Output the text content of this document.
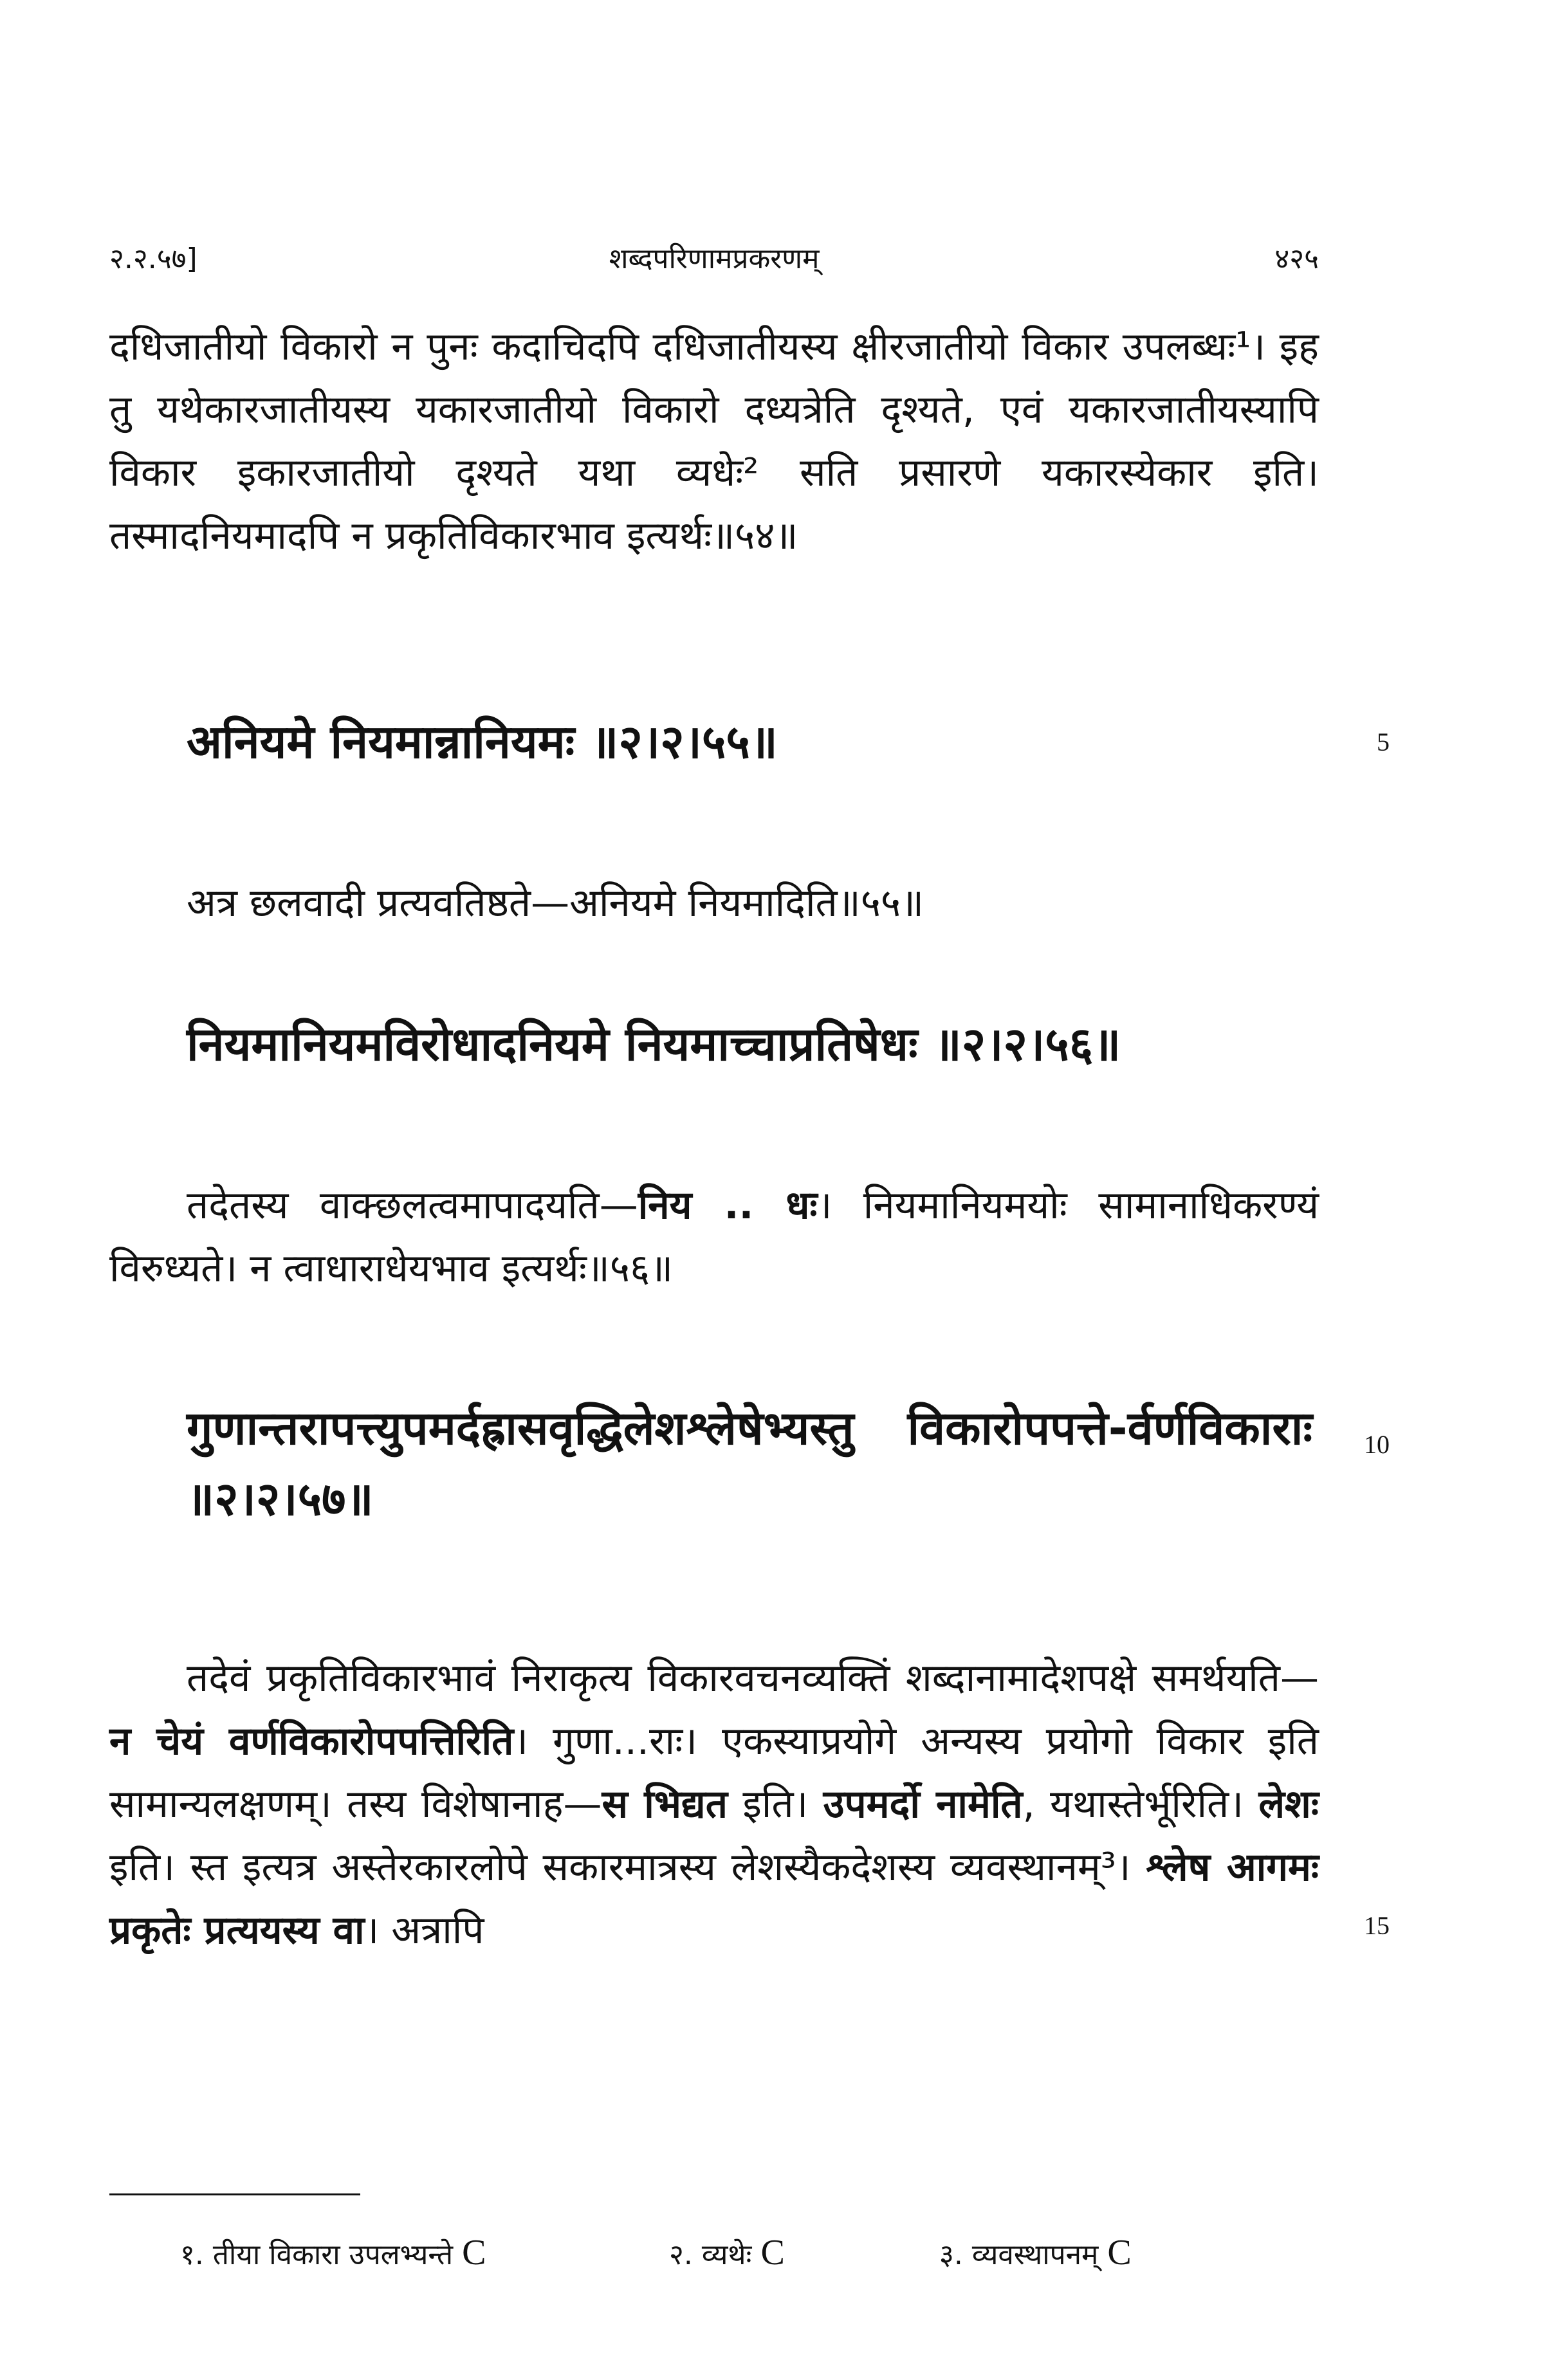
२.२.५७]	शब्दपरिणामप्रकरणम्	४२५
दधिजातीयो विकारो न पुनः कदाचिदपि दधिजातीयस्य क्षीरजातीयो विकार उपलब्धः¹। इह तु यथेकारजातीयस्य यकारजातीयो विकारो दध्यत्रेति दृश्यते, एवं यकारजातीयस्यापि विकार इकारजातीयो दृश्यते यथा व्यधेः² सति प्रसारणे यकारस्येकार इति। तस्मादनियमादपि न प्रकृतिविकारभाव इत्यर्थः॥५४॥
अनियमे नियमान्नानियमः ॥२।२।५५॥	5
अत्र छलवादी प्रत्यवतिष्ठते—अनियमे नियमादिति॥५५॥
नियमानियमविरोधादनियमे नियमाच्चाप्रतिषेधः ॥२।२।५६॥
तदेतस्य वाक्छलत्वमापादयति—निय .. धः। नियमानियमयोः सामानाधिकरण्यं विरुध्यते। न त्वाधाराधेयभाव इत्यर्थः॥५६॥
गुणान्तरापत्त्युपमर्दह्रासवृद्धिलेशश्लेषेभ्यस्तु विकारोपपत्ते-र्वर्णविकाराः ॥२।२।५७॥
10
तदेवं प्रकृतिविकारभावं निराकृत्य विकारवचनव्यक्तिं शब्दानामादेशपक्षे समर्थयति—न चेयं वर्णविकारोपपत्तिरिति। गुणा...राः। एकस्याप्रयोगे अन्यस्य प्रयोगो विकार इति सामान्यलक्षणम्। तस्य विशेषानाह—स भिद्यत इति। उपमर्दो नामेति, यथास्तेर्भूरिति। लेशः इति। स्त इत्यत्र अस्तेरकारलोपे सकारमात्रस्य लेशस्यैकदेशस्य व्यवस्थानम्³। श्लेष आगमः प्रकृतेः प्रत्ययस्य वा। अत्रापि	15
१. तीया विकारा उपलभ्यन्ते C	२. व्यथेः C	३. व्यवस्थापनम् C
